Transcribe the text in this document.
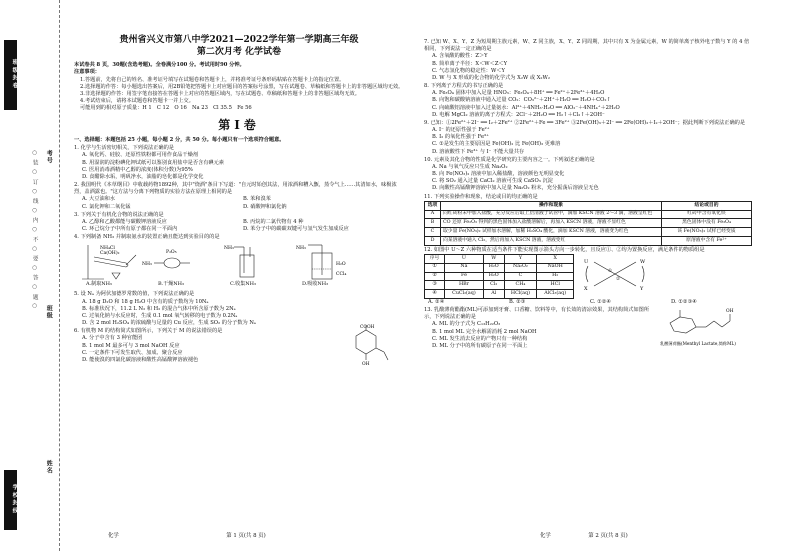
班级封卷
学校封线
考号
班级
姓名
○ 装 ○ 订 ○ 线 ○ 内 ○ 不 ○ 要 ○ 答 ○ 题 ○
贵州省兴义市第八中学2021—2022学年第一学期高三年级
第二次月考 化学试卷
本试卷共 8 页，30题(含选考题)。全卷满分100 分。考试用时90 分钟。
注意事项：
1.答题前，先将自己的姓名、准考证号填写在试题卷和答题卡上，并将准考证号条形码粘贴在答题卡上的指定位置。
2.选择题的作答：每小题选出答案后，用2B铅笔把答题卡上对应题目的答案标号涂黑，写在试题卷、草稿纸和答题卡上的非答题区域均无效。
3.非选择题的作答：用签字笔直接答在答题卡上对应的答题区域内，写在试题卷、草稿纸和答题卡上的非答题区域均无效。
4.考试结束后，请将本试题卷和答题卡一并上交。
可能用到的相对原子质量：H 1　C 12　O 16　Na 23　Cl 35.5　Fe 56
第Ⅰ卷
一、选择题：本题包括 25 小题，每小题 2 分，共 50 分。每小题只有一个选项符合题意。
1. 化学与生活密切相关，下列说法正确的是
A. 氧化钙、硅胶、还原性铁粉都可用作食品干燥剂
B. 用湿润的淀粉碘化钾试纸可以鉴别食用盐中是否含有碘元素
C. 医用消毒酒精中乙醇的浓度(体积分数)为95%
D. 食醋除水垢，明矾净水，油脂的皂化都是化学变化
2. 我国明代《本草纲目》中收载药物1892种，其中"烧酒"条目下写道："自元时始创其法，用浓酒和糟入甑，蒸令气上……其清如水，味极浓烈，盖酒露也。"这方法与分离下列物质的实验方法在原理上相同的是
A. 大豆油和水	B. 苯和溴苯
C. 氯化钾和二氧化锰	D. 硝酸钾和氯化钠
3. 下列关于有机化合物的说法正确的是
A. 乙醇和乙酸都能与碳酸钾溶液反应	B. 丙烷的二氯代物有 4 种
C. 环己烷分子中所有原子都在同一平面内	D. 苯分子中的碳碳双键可与氢气发生加成反应
4. 下列制备 NH₃ 并制取氨水的装置正确且能达到实验目的的是
NH₄Cl
Ca(OH)₂	P₂O₅
NH₃
NH₃	NH₃
H₂O
CCl₄
A.制取NH₃	B.干燥NH₃	C.收集NH₃	D.吸收NH₃
5. 设 Nₐ 为阿伏加德罗常数的值，下列说法正确的是
A. 18 g D₂O 和 18 g H₂O 中含有的质子数均为 10Nₐ
B. 标准状况下，11.2 L N₂ 和 H₂ 的混合气体中所含原子数为 2Nₐ
C. 过氧化钠与水反应时，生成 0.1 mol 氧气转移的电子数为 0.2Nₐ
D. 含 2 mol H₂SO₄ 的浓硫酸与足量的 Cu 反应，生成 SO₂ 的分子数为 Nₐ
6. 有机物 M 的结构简式如图所示，下列关于 M 的说法错误的是
A. 分子中含有 3 种官能团
B. 1 mol M 最多可与 3 mol NaOH 反应
C. 一定条件下可发生取代、加成、聚合反应
D. 能使溴的四氯化碳溶液和酸性高锰酸钾溶液褪色
COOH
OH
7. 已知 W、X、Y、Z 为短周期主族元素，W、Z 同主族，X、Y、Z 同周期，其中只有 X 为金属元素，W 的简单离子核外电子数与 Y 的 4 倍相同，下列说法一定正确的是
A. 含氧酸的酸性：Z＞Y
B. 简单离子半径：X＜W＜Z＜Y
C. 气态氢化物的稳定性：W＜Y
D. W 与 X 形成的化合物的化学式为 X₂W 或 X₂W₂
8. 下列离子方程式的书写正确的是
A. Fe₃O₄ 固体中加入足量 HNO₃：Fe₃O₄＋8H⁺ ══ Fe²⁺＋2Fe³⁺＋4H₂O
B. 向饱和碳酸钠溶液中通入过量 CO₂：CO₃²⁻＋2H⁺＋H₂O ══ H₂O＋CO₂↑
C. 向硫酸铝溶液中加入过量氨水：Al³⁺＋4NH₃·H₂O ══ AlO₂⁻＋4NH₄⁺＋2H₂O
D. 电解 MgCl₂ 溶液的离子方程式：2Cl⁻＋2H₂O ══ H₂↑＋Cl₂↑＋2OH⁻
9. 已知：①2Fe²⁺＋2I⁻ ══ I₂＋2Fe²⁺ ②2Fe²⁺＋Fe ══ 3Fe²⁺ ③2Fe(OH)₃＋2I⁻ ══ 2Fe(OH)₂＋I₂＋2OH⁻；据此判断下列说法正确的是
A. I⁻ 的还原性强于 Fe²⁺
B. I₂ 的氧化性强于 Fe³⁺
C. ①是发生的主要原因是 Fe(OH)₂ 比 Fe(OH)₃ 更难溶
D. 溶液酸性下 Fe³⁺ 与 I⁻ 不能大量共存
10. 元素及其化合物的性质是化学研究的主要内容之一。下列叙述正确的是
A. Na 与氧气反应只生成 Na₂O₂
B. 向 Fe(NO₃)₂ 溶液中加入稀盐酸，溶液颜色无明显变化
C. 将 SO₂ 通入过量 CaCl₂ 溶液可生成 CaSO₃ 沉淀
D. 向酸性高锰酸钾溶液中加入足量 Na₂O₂ 粉末，充分振荡后溶液呈无色
11. 下列实验操作和现象，结论或目的均正确的是
选项	操作和现象	结论或目的
A	向红砖粉末中加入盐酸，充分反应后取上层清液于试管中，滴加 KSCN 溶液 2～3 滴，溶液呈红色	红砖中含有氧化铁
B	CO 还原 Fe₂O₃ 得到的黑色固体加入盐酸溶解后，再加入 KSCN 溶液，溶液不显红色	黑色固体中没有 Fe₃O₄
C	取少量 Fe(NO₃)₂ 试样加水溶解，加稀 H₂SO₄ 酸化，滴加 KSCN 溶液，溶液变为红色	该 Fe(NO₃)₂ 试样已经变质
D	向某溶液中通入 Cl₂，然后再加入 KSCN 溶液，溶液变红	原溶液中含有 Fe²⁺
12. 如图中 U～Z 六种物质在适当条件下能实现图示箭头方向一步转化，且反应①、②均为置换反应，满足条件的物质组是
序号	U	W	Y	X
①	Na	H₂O	Na₂O₂	NaOH
②	Fe	H₂O	C	H₂
③	HBr	Cl₂	CH₄	HCl
④	CuCl₂(aq)	Al	HCl(aq)	AlCl₃(aq)
U	W
X	Y
①
②
A. ②④	B. ②③	C. ①②④	D. ①②③④
13. 乳酸薄荷酯酯(ML)可添加到牙膏、口香糖、饮料等中，有长效的清凉效果，其结构简式如图所示，下列说法正确的是
A. ML 的分子式为 C₁₃H₂₂O₃
B. 1 mol ML 完全水解需消耗 2 mol NaOH
C. ML 发生消去反应的产物只有一种结构
D. ML 分子中的所有碳原子在同一平面上
OH
乳酸薄荷酯(Menthyl Lactate,简称ML)
化学	第 1 页(共 8 页)	化学	第 2 页(共 8 页)
